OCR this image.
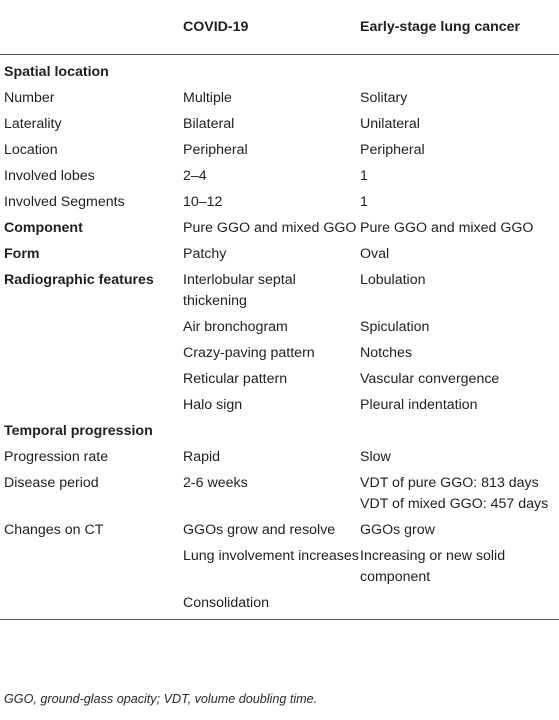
	COVID-19	Early-stage lung cancer
Spatial location		
Number	Multiple	Solitary
Laterality	Bilateral	Unilateral
Location	Peripheral	Peripheral
Involved lobes	2–4	1
Involved Segments	10–12	1
Component	Pure GGO and mixed GGO	Pure GGO and mixed GGO
Form	Patchy	Oval
Radiographic features	Interlobular septal thickening	Lobulation
	Air bronchogram	Spiculation
	Crazy-paving pattern	Notches
	Reticular pattern	Vascular convergence
	Halo sign	Pleural indentation
Temporal progression		
Progression rate	Rapid	Slow
Disease period	2-6 weeks	VDT of pure GGO: 813 days VDT of mixed GGO: 457 days
Changes on CT	GGOs grow and resolve	GGOs grow
	Lung involvement increases	Increasing or new solid component
	Consolidation	
GGO, ground-glass opacity; VDT, volume doubling time.
